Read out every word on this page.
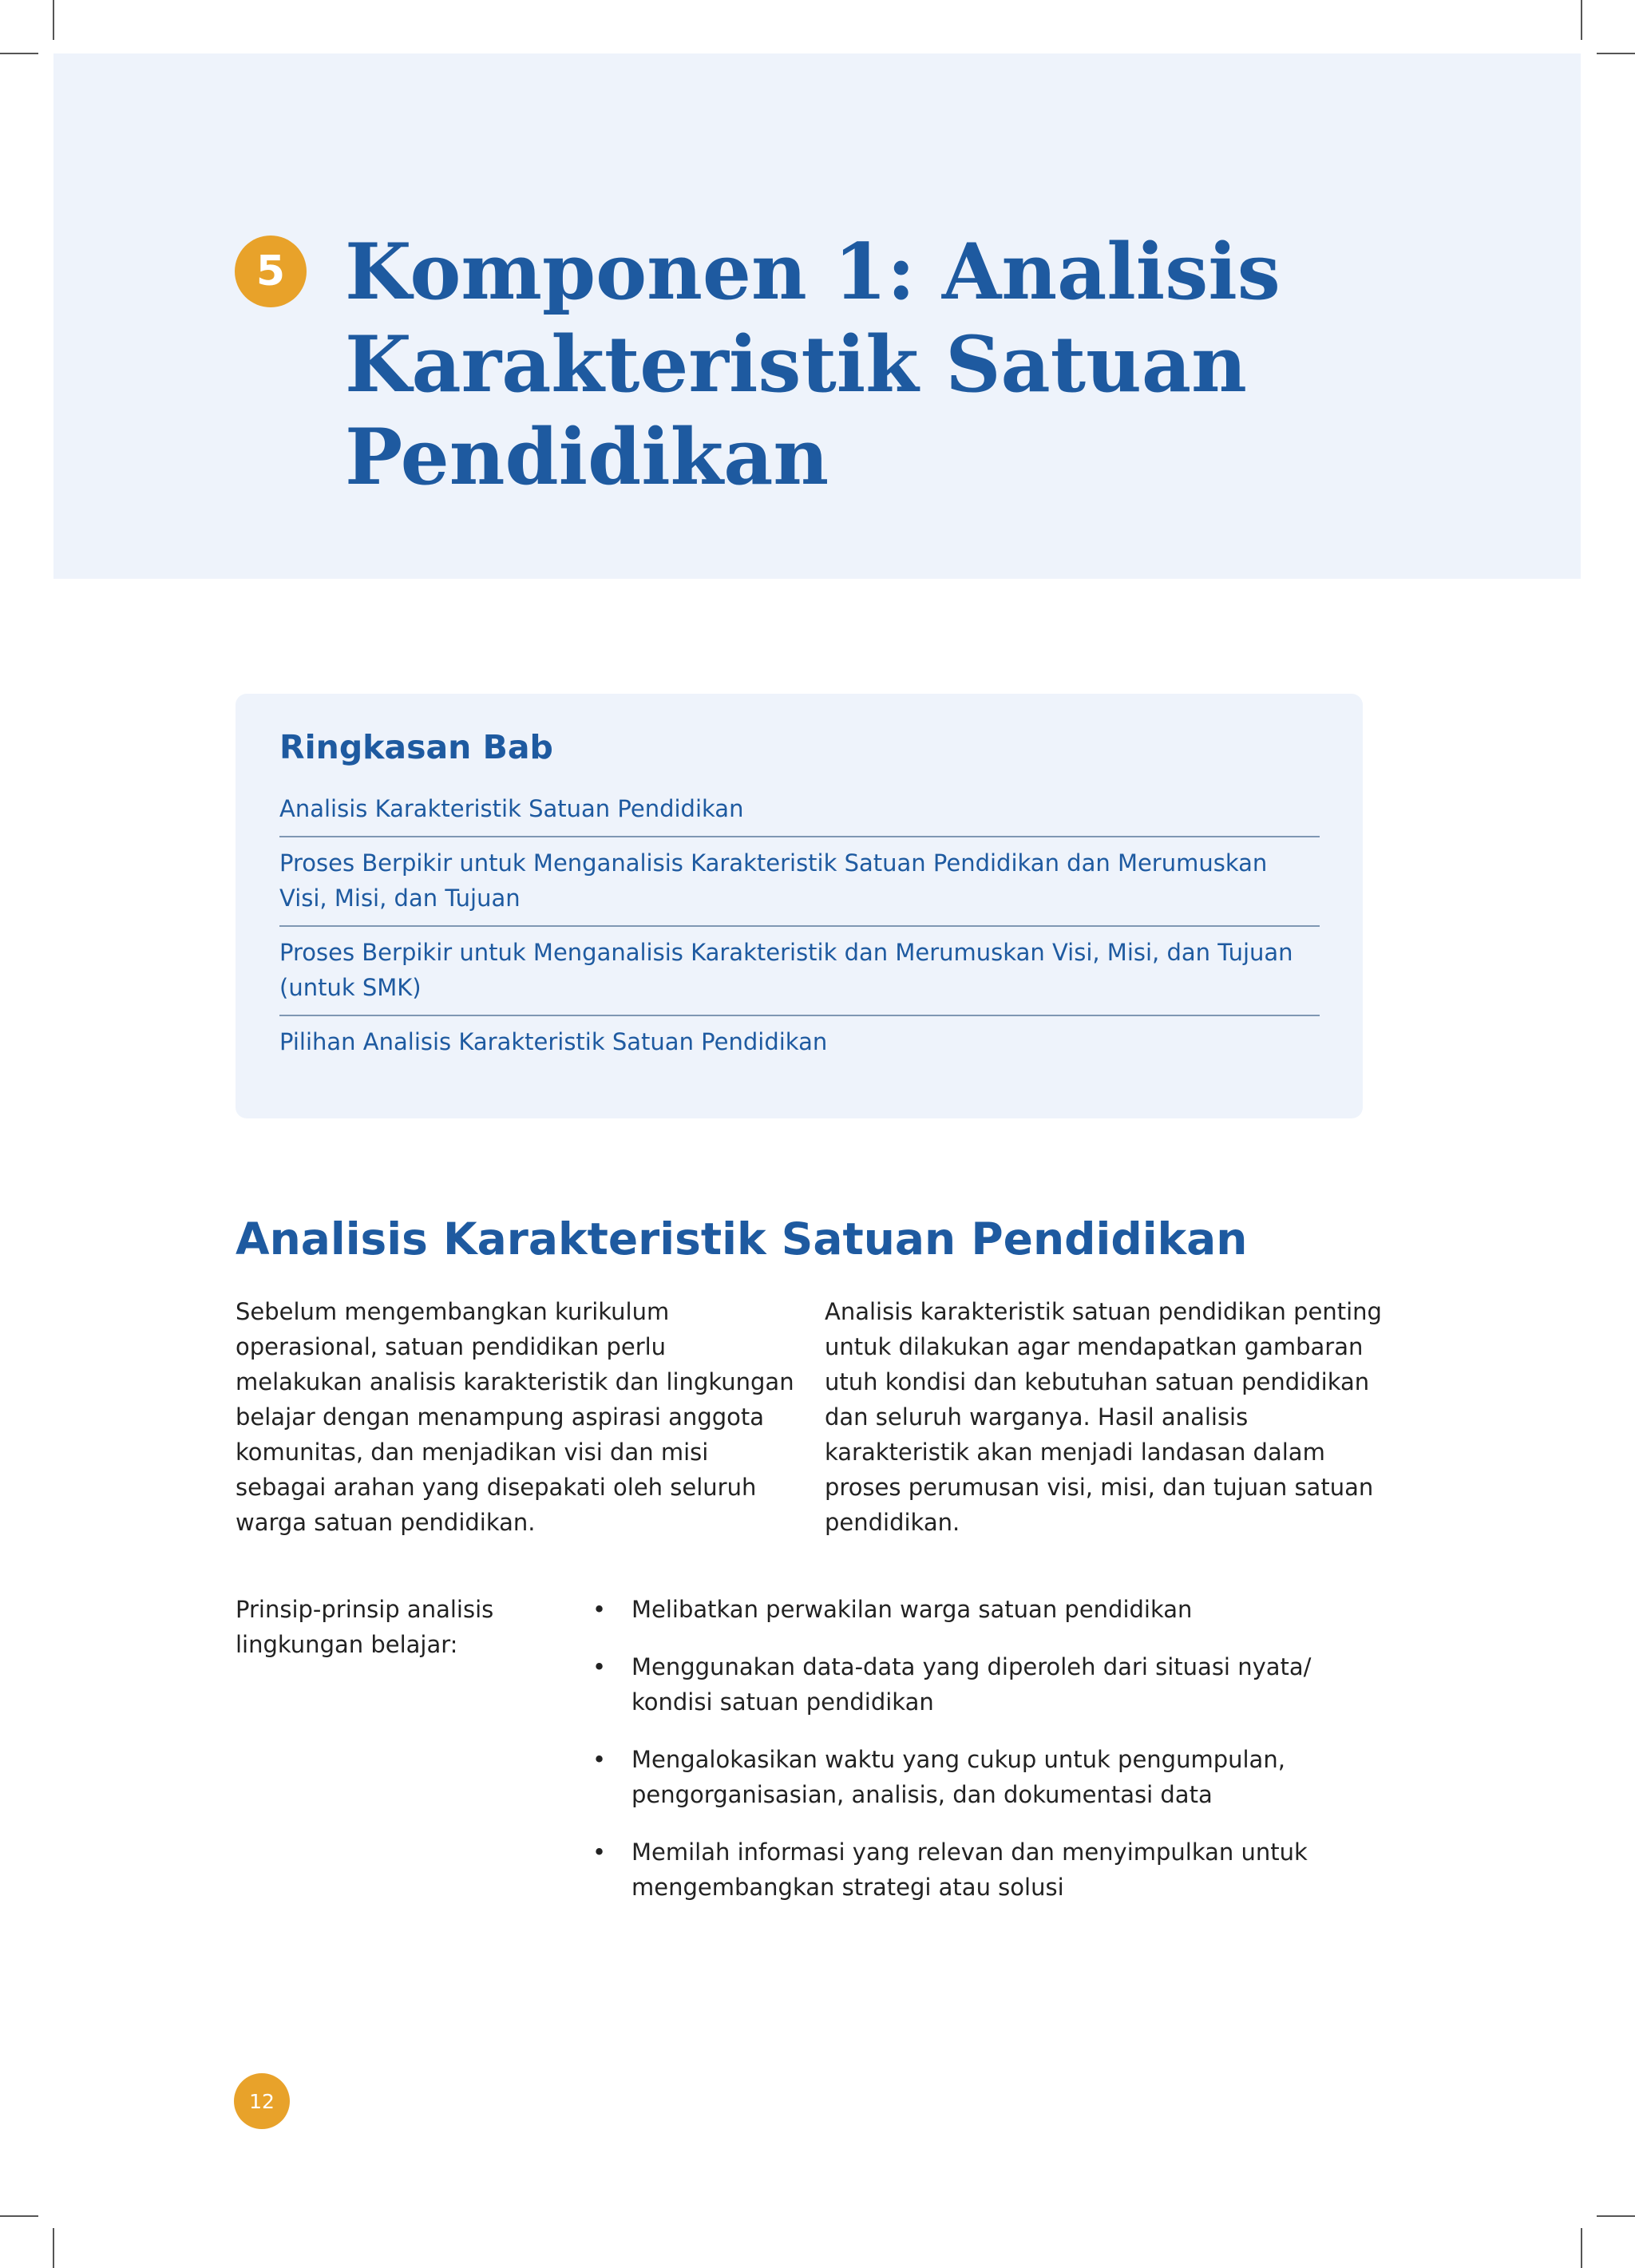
5 Komponen 1: Analisis Karakteristik Satuan Pendidikan
Ringkasan Bab
Analisis Karakteristik Satuan Pendidikan
Proses Berpikir untuk Menganalisis Karakteristik Satuan Pendidikan dan Merumuskan Visi, Misi, dan Tujuan
Proses Berpikir untuk Menganalisis Karakteristik dan Merumuskan Visi, Misi, dan Tujuan (untuk SMK)
Pilihan Analisis Karakteristik Satuan Pendidikan
Analisis Karakteristik Satuan Pendidikan

Sebelum mengembangkan kurikulum operasional, satuan pendidikan perlu melakukan analisis karakteristik dan lingkungan belajar dengan menampung aspirasi anggota komunitas, dan menjadikan visi dan misi sebagai arahan yang disepakati oleh seluruh warga satuan pendidikan.

Analisis karakteristik satuan pendidikan penting untuk dilakukan agar mendapatkan gambaran utuh kondisi dan kebutuhan satuan pendidikan dan seluruh warganya. Hasil analisis karakteristik akan menjadi landasan dalam proses perumusan visi, misi, dan tujuan satuan pendidikan.

Prinsip-prinsip analisis lingkungan belajar:

• Melibatkan perwakilan warga satuan pendidikan
• Menggunakan data-data yang diperoleh dari situasi nyata/ kondisi satuan pendidikan
• Mengalokasikan waktu yang cukup untuk pengumpulan, pengorganisasian, analisis, dan dokumentasi data
• Memilah informasi yang relevan dan menyimpulkan untuk mengembangkan strategi atau solusi
12
